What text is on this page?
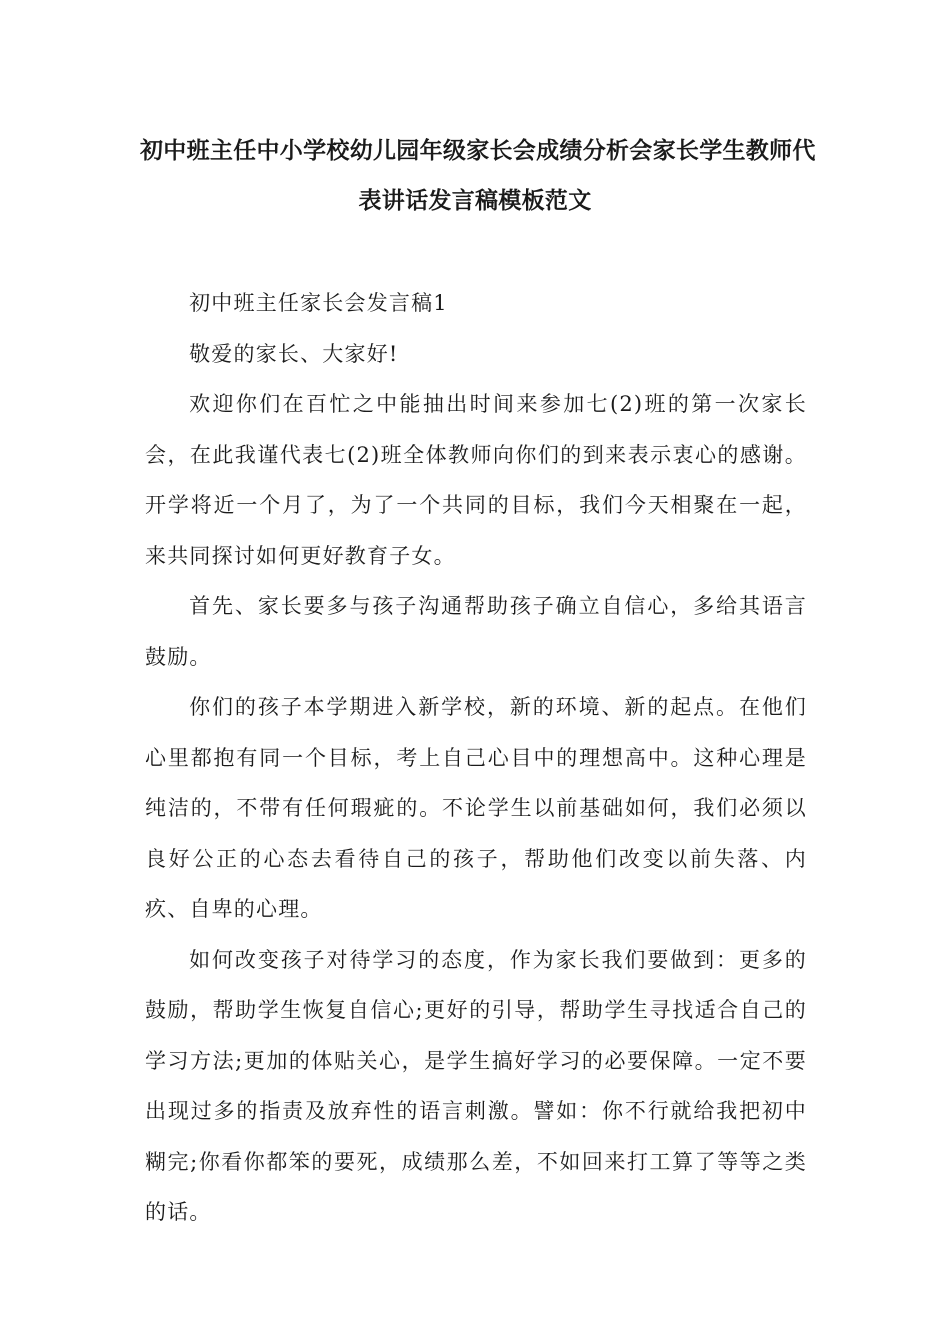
初中班主任中小学校幼儿园年级家长会成绩分析会家长学生教师代
表讲话发言稿模板范文

初中班主任家长会发言稿1

敬爱的家长、大家好!

欢迎你们在百忙之中能抽出时间来参加七(2)班的第一次家长会，在此我谨代表七(2)班全体教师向你们的到来表示衷心的感谢。开学将近一个月了，为了一个共同的目标，我们今天相聚在一起，来共同探讨如何更好教育子女。

首先、家长要多与孩子沟通帮助孩子确立自信心，多给其语言鼓励。

你们的孩子本学期进入新学校，新的环境、新的起点。在他们心里都抱有同一个目标，考上自己心目中的理想高中。这种心理是纯洁的，不带有任何瑕疵的。不论学生以前基础如何，我们必须以良好公正的心态去看待自己的孩子，帮助他们改变以前失落、内疚、自卑的心理。

如何改变孩子对待学习的态度，作为家长我们要做到：更多的鼓励，帮助学生恢复自信心;更好的引导，帮助学生寻找适合自己的学习方法;更加的体贴关心，是学生搞好学习的必要保障。一定不要出现过多的指责及放弃性的语言刺激。譬如：你不行就给我把初中糊完;你看你都笨的要死，成绩那么差，不如回来打工算了等等之类的话。
